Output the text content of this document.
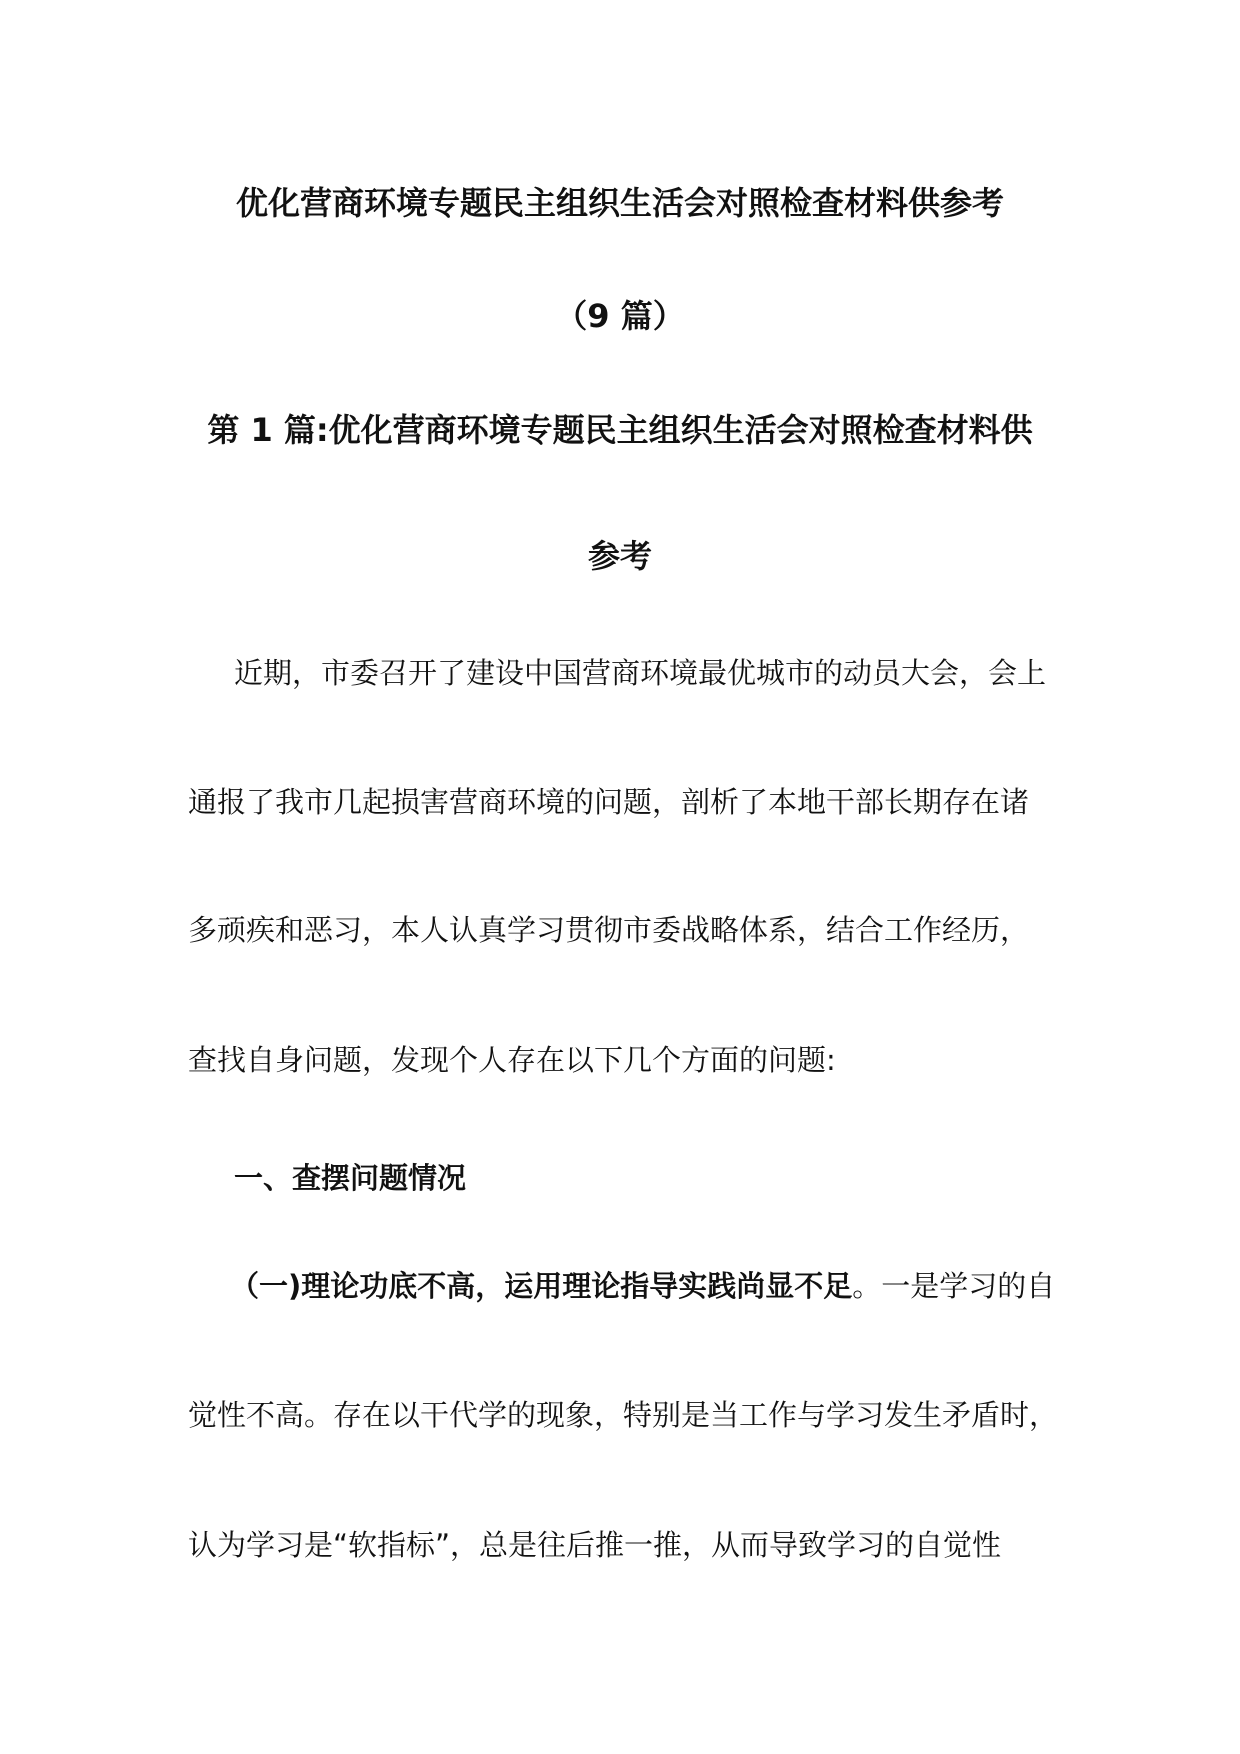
优化营商环境专题民主组织生活会对照检查材料供参考
（9 篇）
第 1 篇:优化营商环境专题民主组织生活会对照检查材料供
参考
近期，市委召开了建设中国营商环境最优城市的动员大会，会上
通报了我市几起损害营商环境的问题，剖析了本地干部长期存在诸
多顽疾和恶习，本人认真学习贯彻市委战略体系，结合工作经历，
查找自身问题，发现个人存在以下几个方面的问题:
一、查摆问题情况
（一)理论功底不高，运用理论指导实践尚显不足。一是学习的自
觉性不高。存在以干代学的现象，特别是当工作与学习发生矛盾时，
认为学习是“软指标”，总是往后推一推，从而导致学习的自觉性
